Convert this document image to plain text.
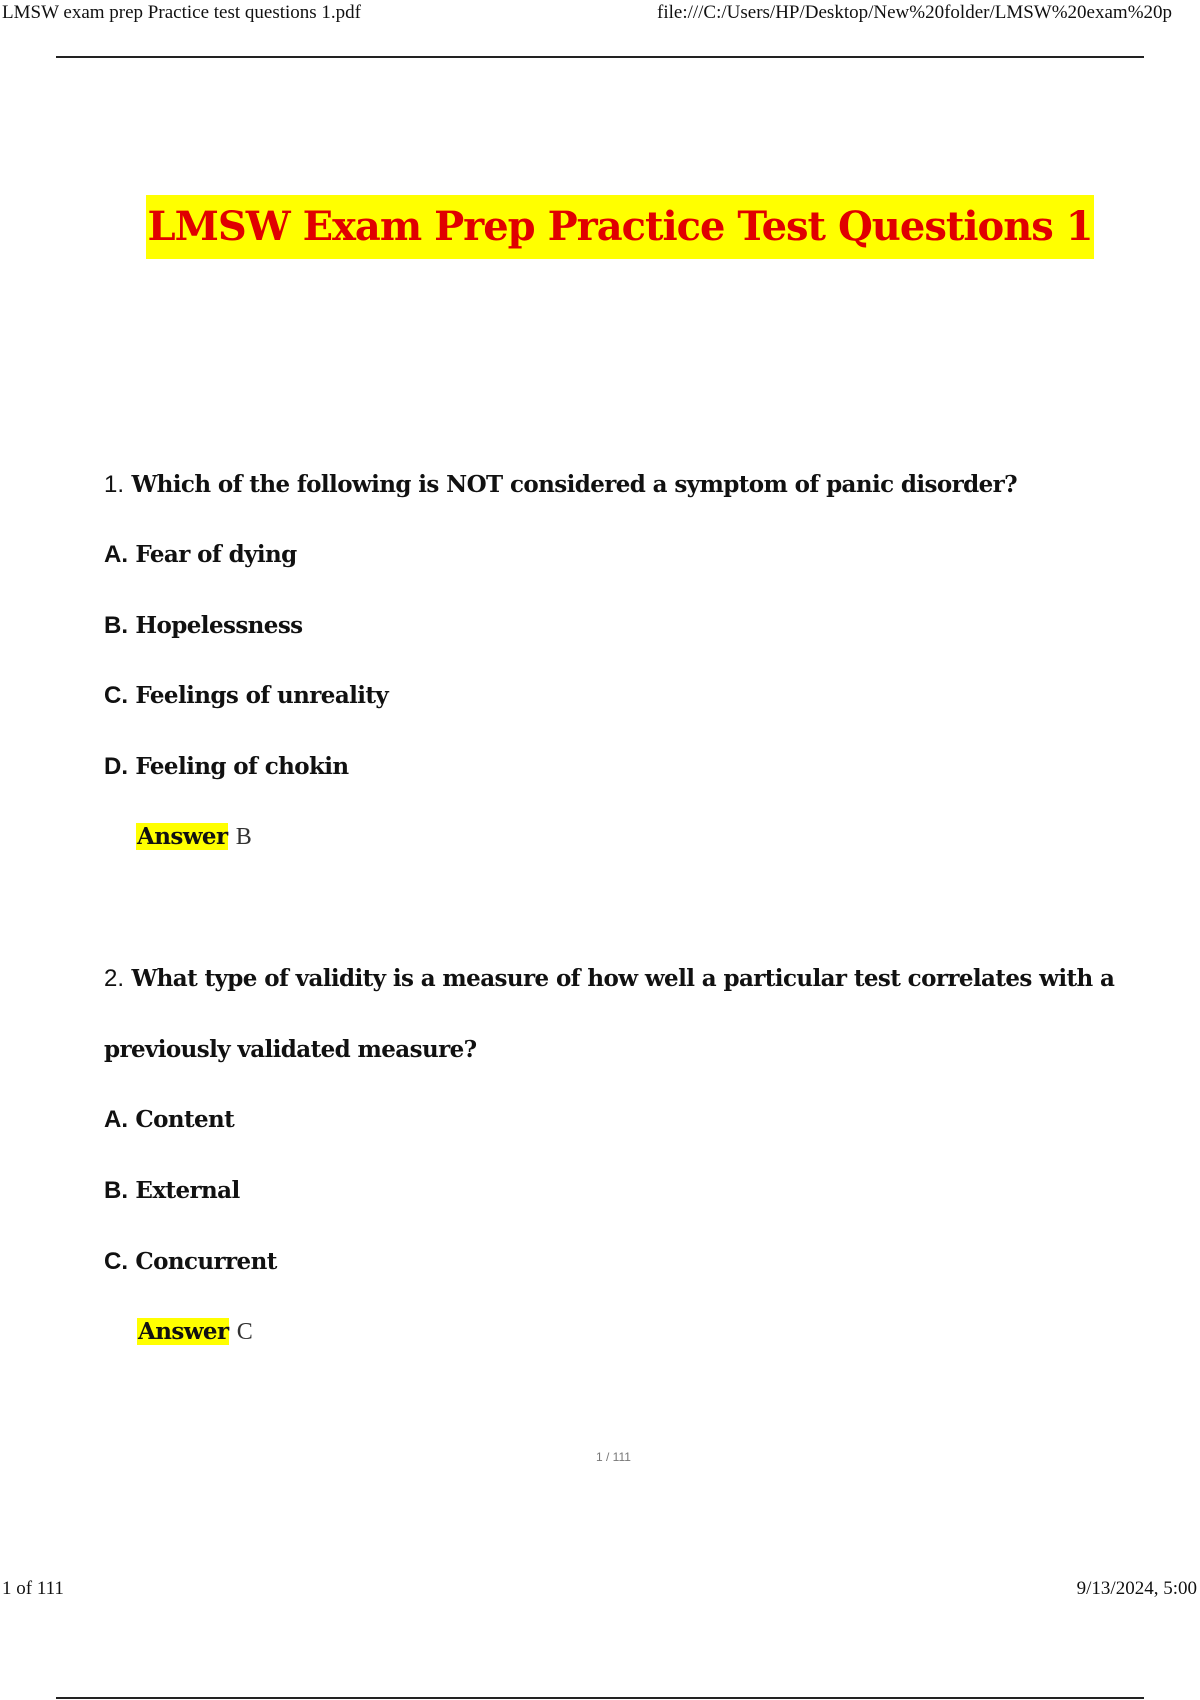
LMSW exam prep Practice test questions 1.pdf	file:///C:/Users/HP/Desktop/New%20folder/LMSW%20exam%20p
LMSW Exam Prep Practice Test Questions 1
1. Which of the following is NOT considered a symptom of panic disorder?
A. Fear of dying
B. Hopelessness
C. Feelings of unreality
D. Feeling of chokin
Answer B
2. What type of validity is a measure of how well a particular test correlates with a
previously validated measure?
A. Content
B. External
C. Concurrent
Answer C
1 / 111
1 of 111	9/13/2024, 5:00
